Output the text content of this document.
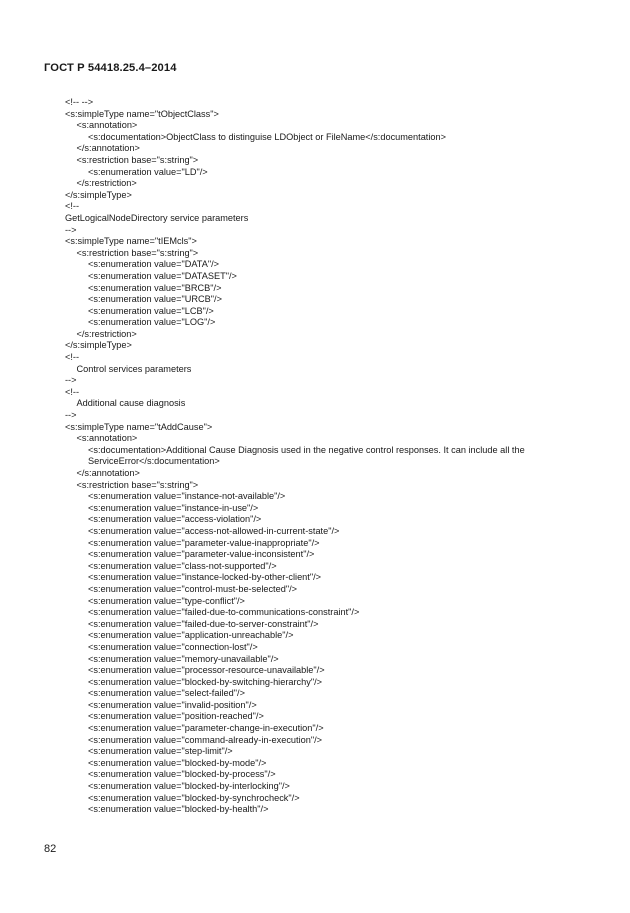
ГОСТ Р 54418.25.4–2014
<!-- -->
<s:simpleType name="tObjectClass">
<s:annotation>
<s:documentation>ObjectClass to distinguise LDObject or FileName</s:documentation>
</s:annotation>
<s:restriction base="s:string">
<s:enumeration value="LD"/>
</s:restriction>
</s:simpleType>
<!--
GetLogicalNodeDirectory service parameters
-->
<s:simpleType name="tIEMcls">
<s:restriction base="s:string">
<s:enumeration value="DATA"/>
<s:enumeration value="DATASET"/>
<s:enumeration value="BRCB"/>
<s:enumeration value="URCB"/>
<s:enumeration value="LCB"/>
<s:enumeration value="LOG"/>
</s:restriction>
</s:simpleType>
<!--
Control services parameters
-->
<!--
Additional cause diagnosis
-->
<s:simpleType name="tAddCause">
<s:annotation>
<s:documentation>Additional Cause Diagnosis used in the negative control responses. It can include all the
ServiceError</s:documentation>
</s:annotation>
<s:restriction base="s:string">
<s:enumeration value="instance-not-available"/>
<s:enumeration value="instance-in-use"/>
<s:enumeration value="access-violation"/>
<s:enumeration value="access-not-allowed-in-current-state"/>
<s:enumeration value="parameter-value-inappropriate"/>
<s:enumeration value="parameter-value-inconsistent"/>
<s:enumeration value="class-not-supported"/>
<s:enumeration value="instance-locked-by-other-client"/>
<s:enumeration value="control-must-be-selected"/>
<s:enumeration value="type-conflict"/>
<s:enumeration value="failed-due-to-communications-constraint"/>
<s:enumeration value="failed-due-to-server-constraint"/>
<s:enumeration value="application-unreachable"/>
<s:enumeration value="connection-lost"/>
<s:enumeration value="memory-unavailable"/>
<s:enumeration value="processor-resource-unavailable"/>
<s:enumeration value="blocked-by-switching-hierarchy"/>
<s:enumeration value="select-failed"/>
<s:enumeration value="invalid-position"/>
<s:enumeration value="position-reached"/>
<s:enumeration value="parameter-change-in-execution"/>
<s:enumeration value="command-already-in-execution"/>
<s:enumeration value="step-limit"/>
<s:enumeration value="blocked-by-mode"/>
<s:enumeration value="blocked-by-process"/>
<s:enumeration value="blocked-by-interlocking"/>
<s:enumeration value="blocked-by-synchrocheck"/>
<s:enumeration value="blocked-by-health"/>
82
